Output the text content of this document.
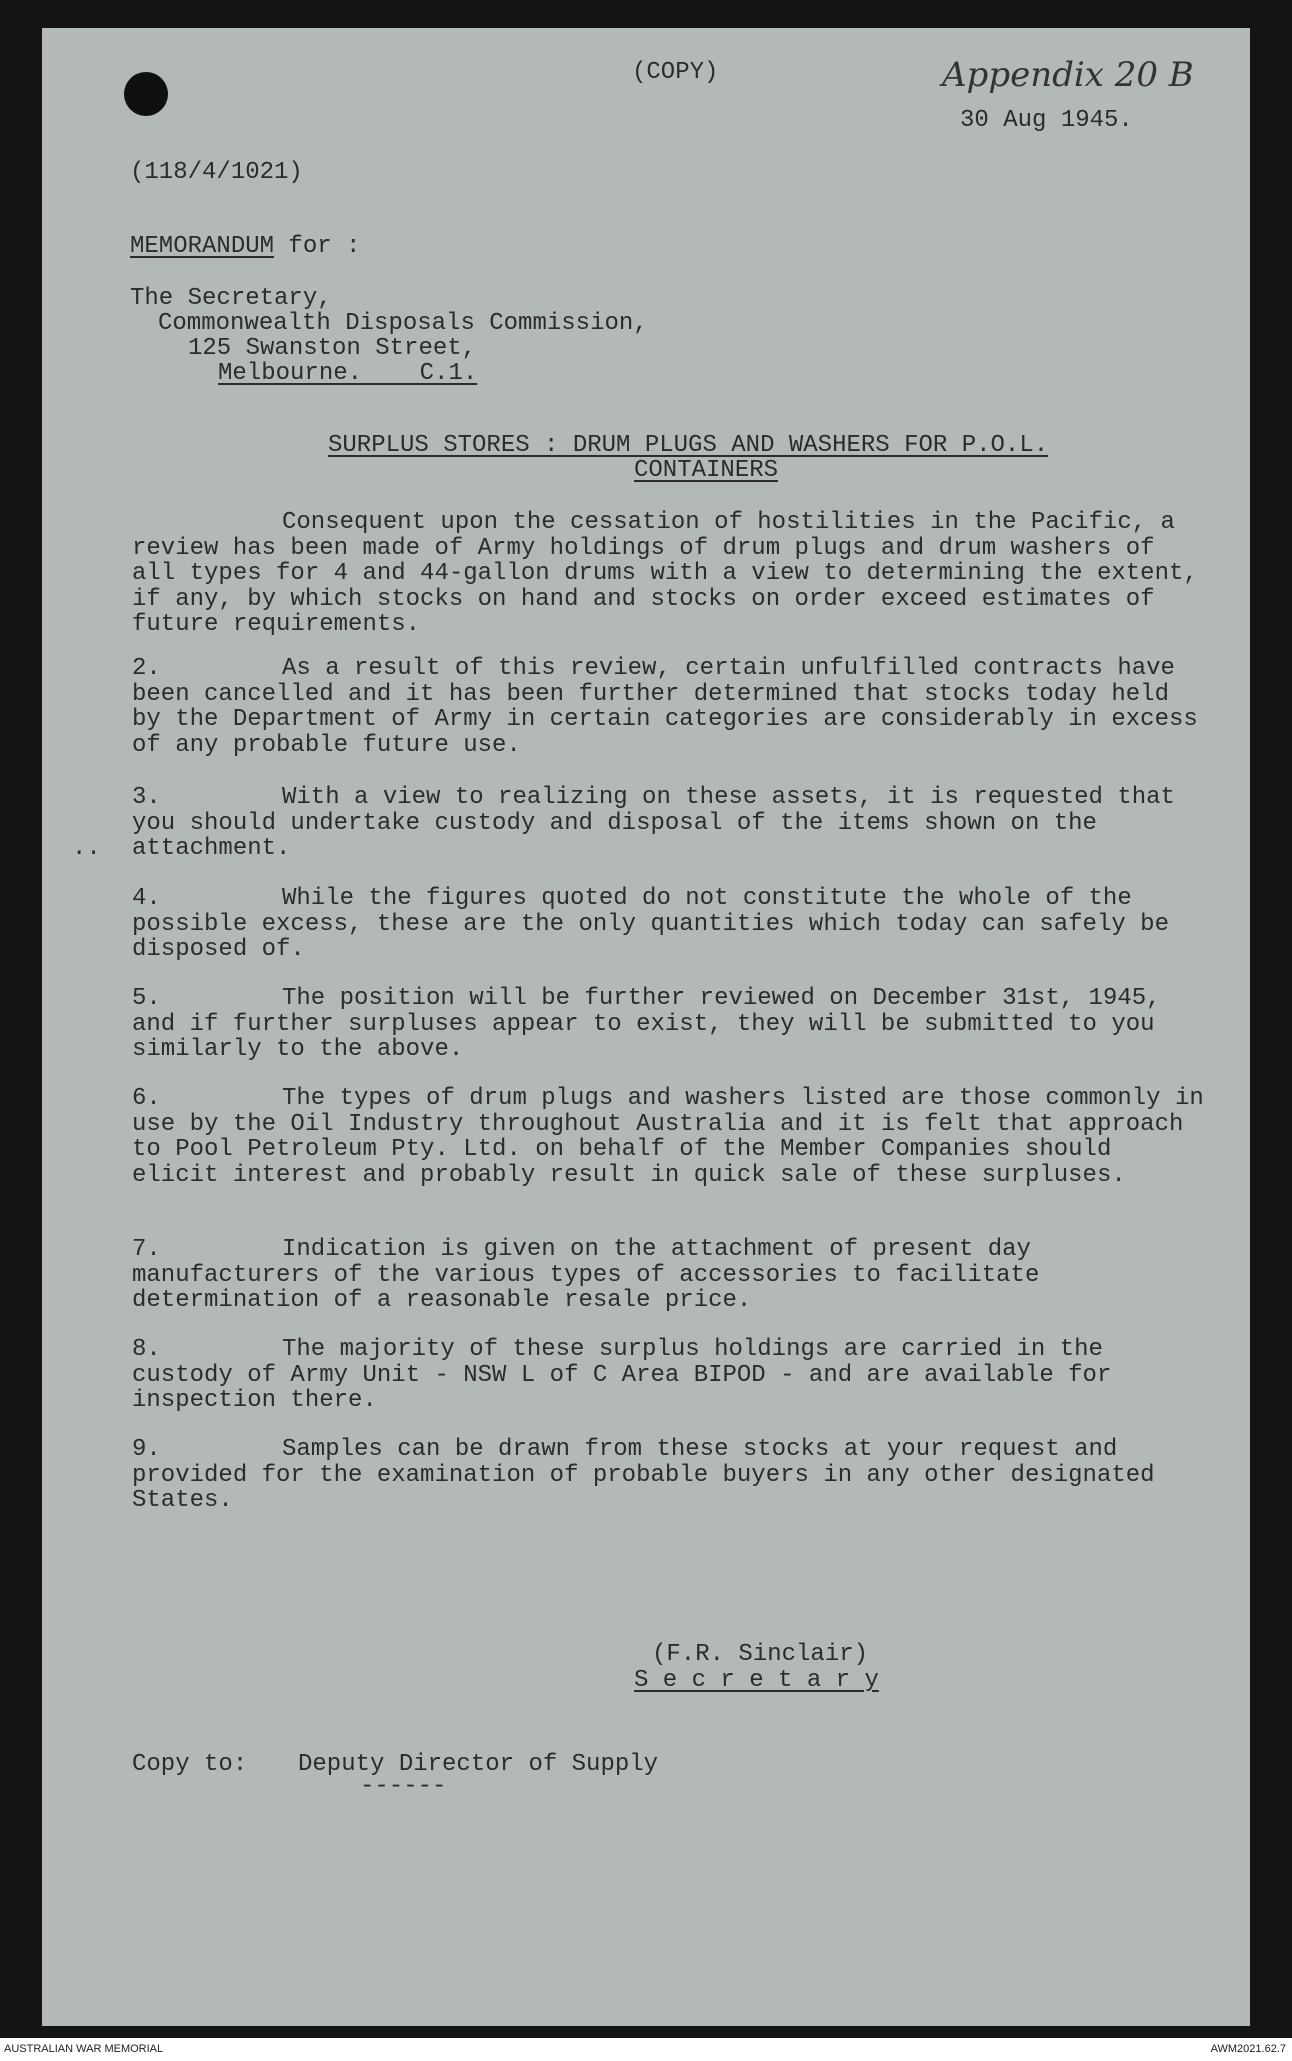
(COPY)	Appendix 20 B
30 Aug 1945.
(118/4/1021)
MEMORANDUM for :
The Secretary,
Commonwealth Disposals Commission,
125 Swanston Street,
Melbourne. C.1.
SURPLUS STORES : DRUM PLUGS AND WASHERS FOR P.O.L.
CONTAINERS
Consequent upon the cessation of hostilities in the Pacific, a review has been made of Army holdings of drum plugs and drum washers of all types for 4 and 44-gallon drums with a view to determining the extent, if any, by which stocks on hand and stocks on order exceed estimates of future requirements.
2.	As a result of this review, certain unfulfilled contracts have been cancelled and it has been further determined that stocks today held by the Department of Army in certain categories are considerably in excess of any probable future use.
..
3.	With a view to realizing on these assets, it is requested that you should undertake custody and disposal of the items shown on the attachment.
4.	While the figures quoted do not constitute the whole of the possible excess, these are the only quantities which today can safely be disposed of.
5.	The position will be further reviewed on December 31st, 1945, and if further surpluses appear to exist, they will be submitted to you similarly to the above.
6.	The types of drum plugs and washers listed are those commonly in use by the Oil Industry throughout Australia and it is felt that approach to Pool Petroleum Pty. Ltd. on behalf of the Member Companies should elicit interest and probably result in quick sale of these surpluses.
7.	Indication is given on the attachment of present day manufacturers of the various types of accessories to facilitate determination of a reasonable resale price.
8.	The majority of these surplus holdings are carried in the custody of Army Unit - NSW L of C Area BIPOD - and are available for inspection there.
9.	Samples can be drawn from these stocks at your request and provided for the examination of probable buyers in any other designated States.
(F.R. Sinclair)
S e c r e t a r y
Copy to: Deputy Director of Supply
------
AUSTRALIAN WAR MEMORIAL	AWM2021.62.7
